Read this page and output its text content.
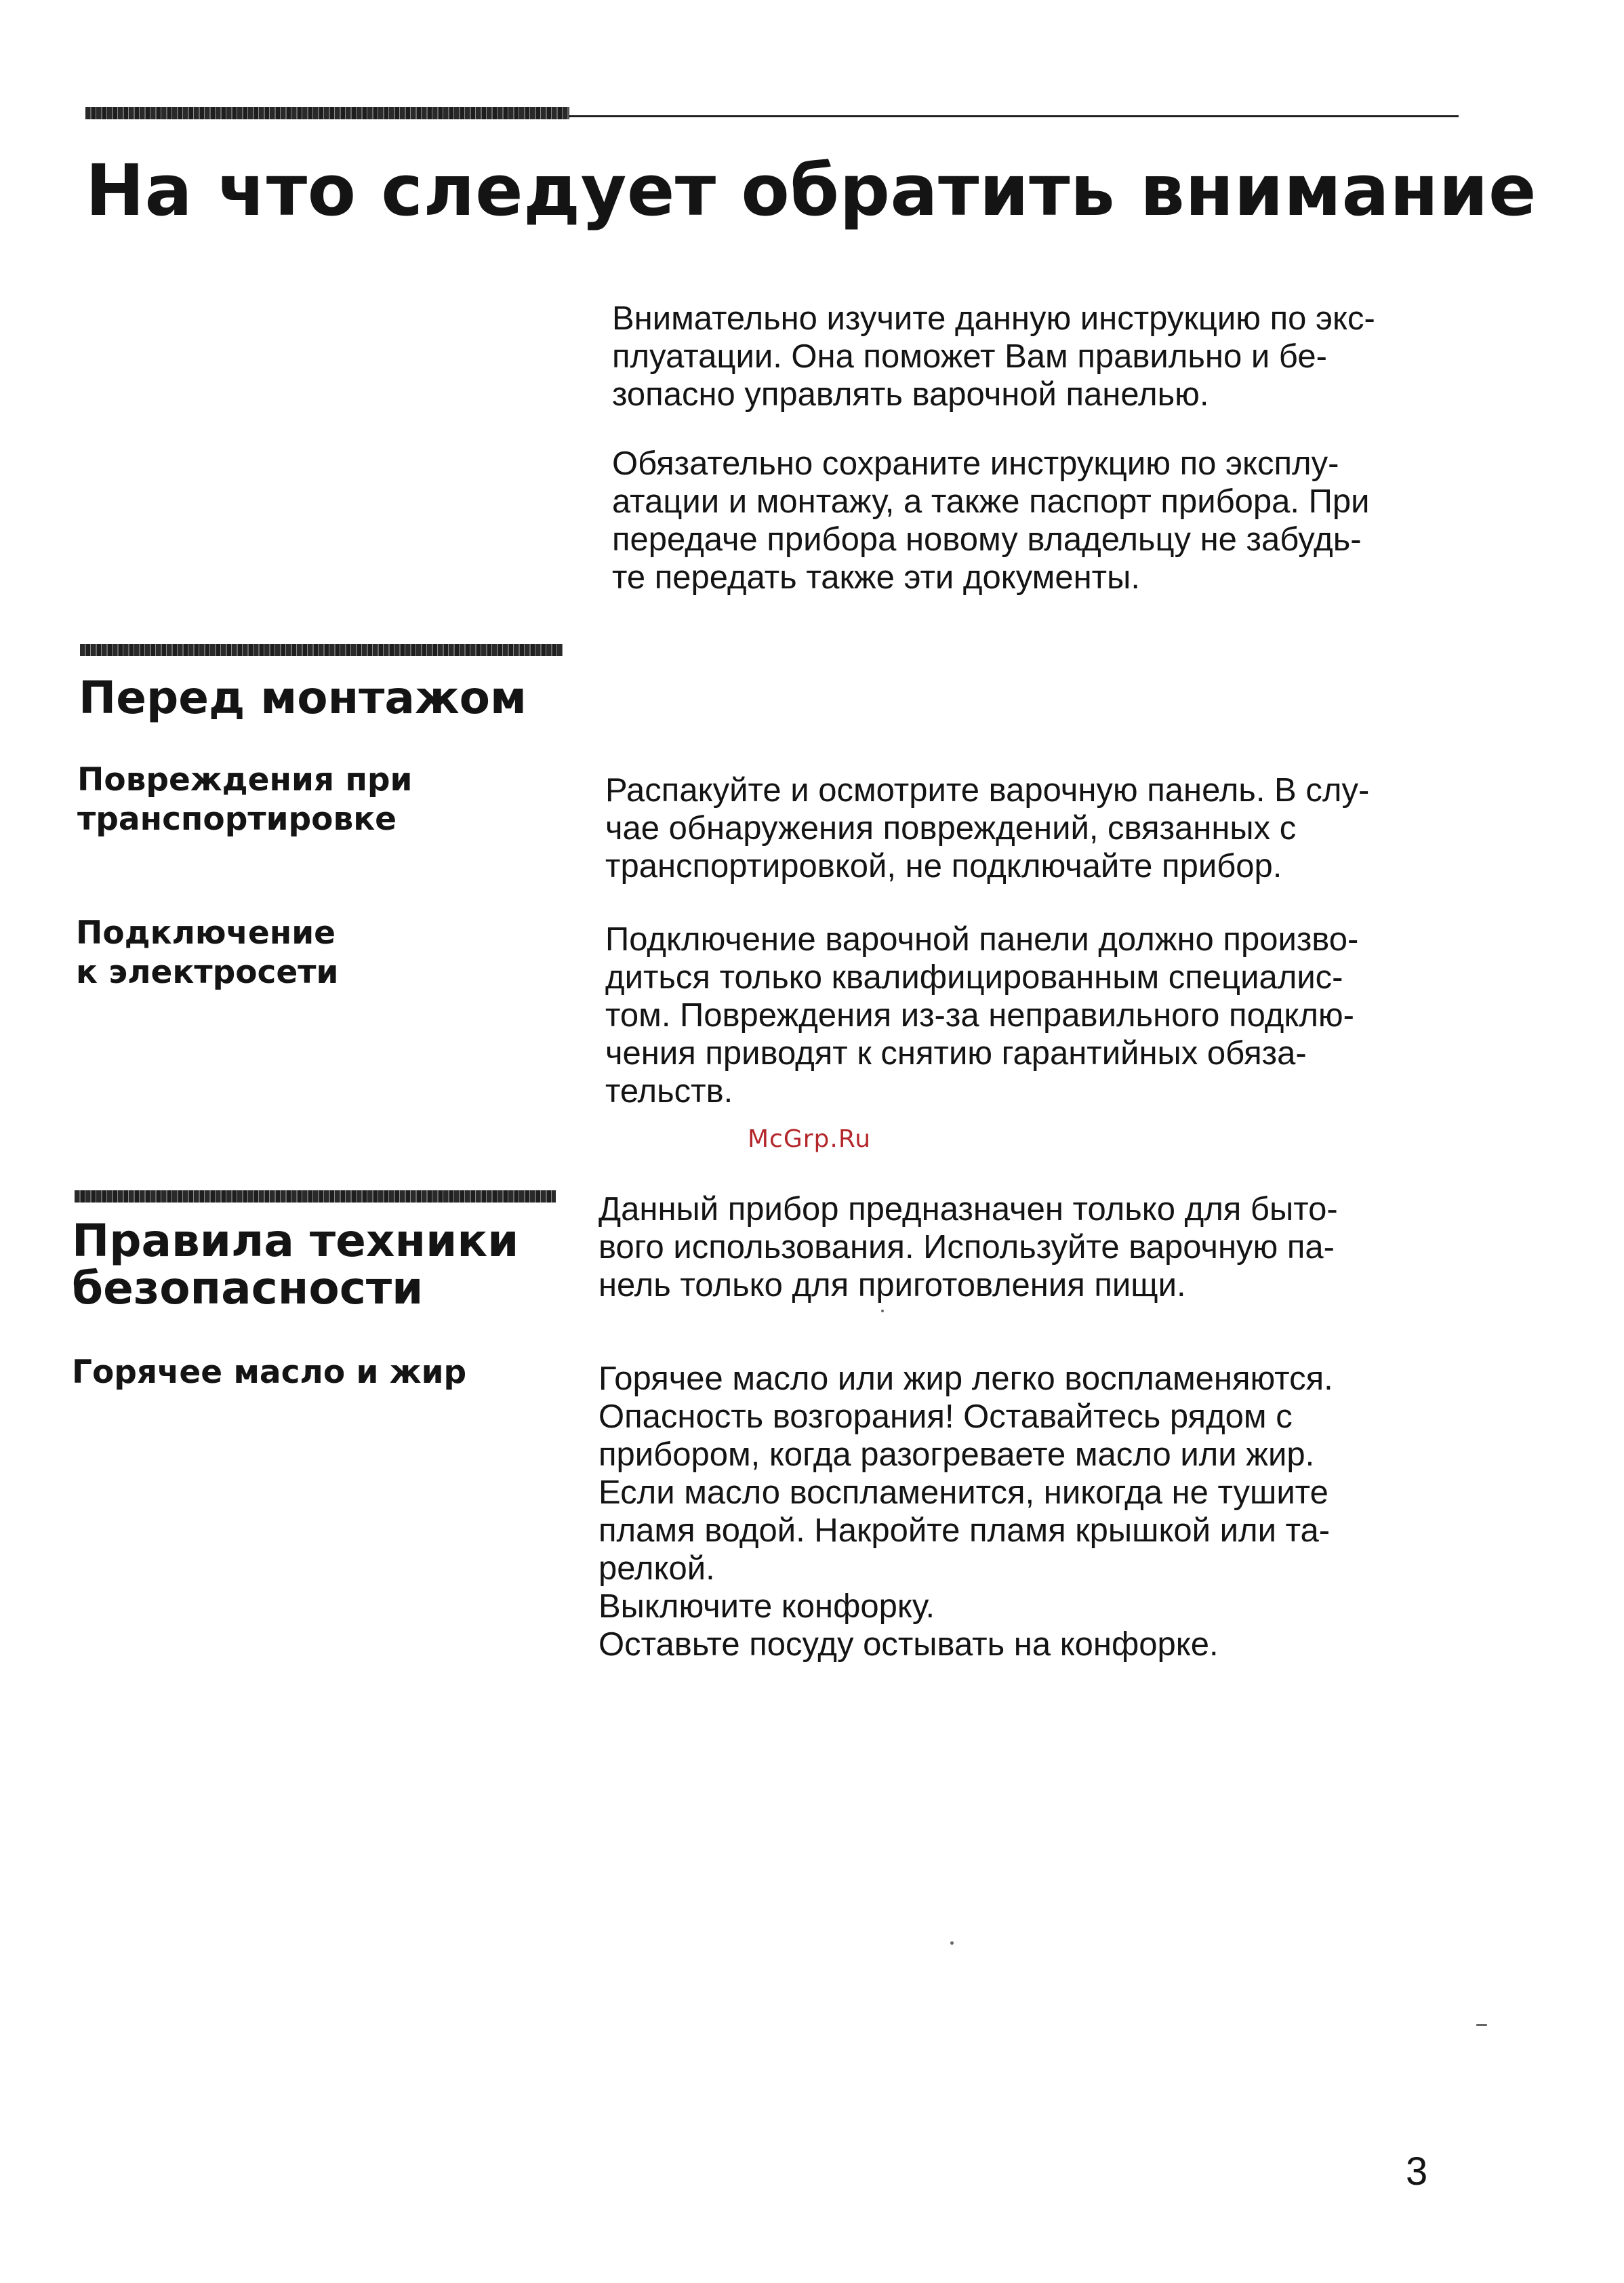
На что следует обратить внимание

Внимательно изучите данную инструкцию по экс-
плуатации. Она поможет Вам правильно и бе-
зопасно управлять варочной панелью.

Обязательно сохраните инструкцию по эксплу-
атации и монтажу, а также паспорт прибора. При
передаче прибора новому владельцу не забудь-
те передать также эти документы.

Перед монтажом

Повреждения при
транспортировке

Распакуйте и осмотрите варочную панель. В слу-
чае обнаружения повреждений, связанных с
транспортировкой, не подключайте прибор.

Подключение
к электросети

Подключение варочной панели должно произво-
диться только квалифицированным специалис-
том. Повреждения из-за неправильного подклю-
чения приводят к снятию гарантийных обяза-
тельств.

McGrp.Ru
Правила техники
безопасности

Данный прибор предназначен только для быто-
вого использования. Используйте варочную па-
нель только для приготовления пищи.

Горячее масло и жир	Горячее масло или жир легко воспламеняются.
Опасность возгорания! Оставайтесь рядом с
прибором, когда разогреваете масло или жир.
Если масло воспламенится, никогда не тушите
пламя водой. Накройте пламя крышкой или та-
релкой.
Выключите конфорку.
Оставьте посуду остывать на конфорке.

3
